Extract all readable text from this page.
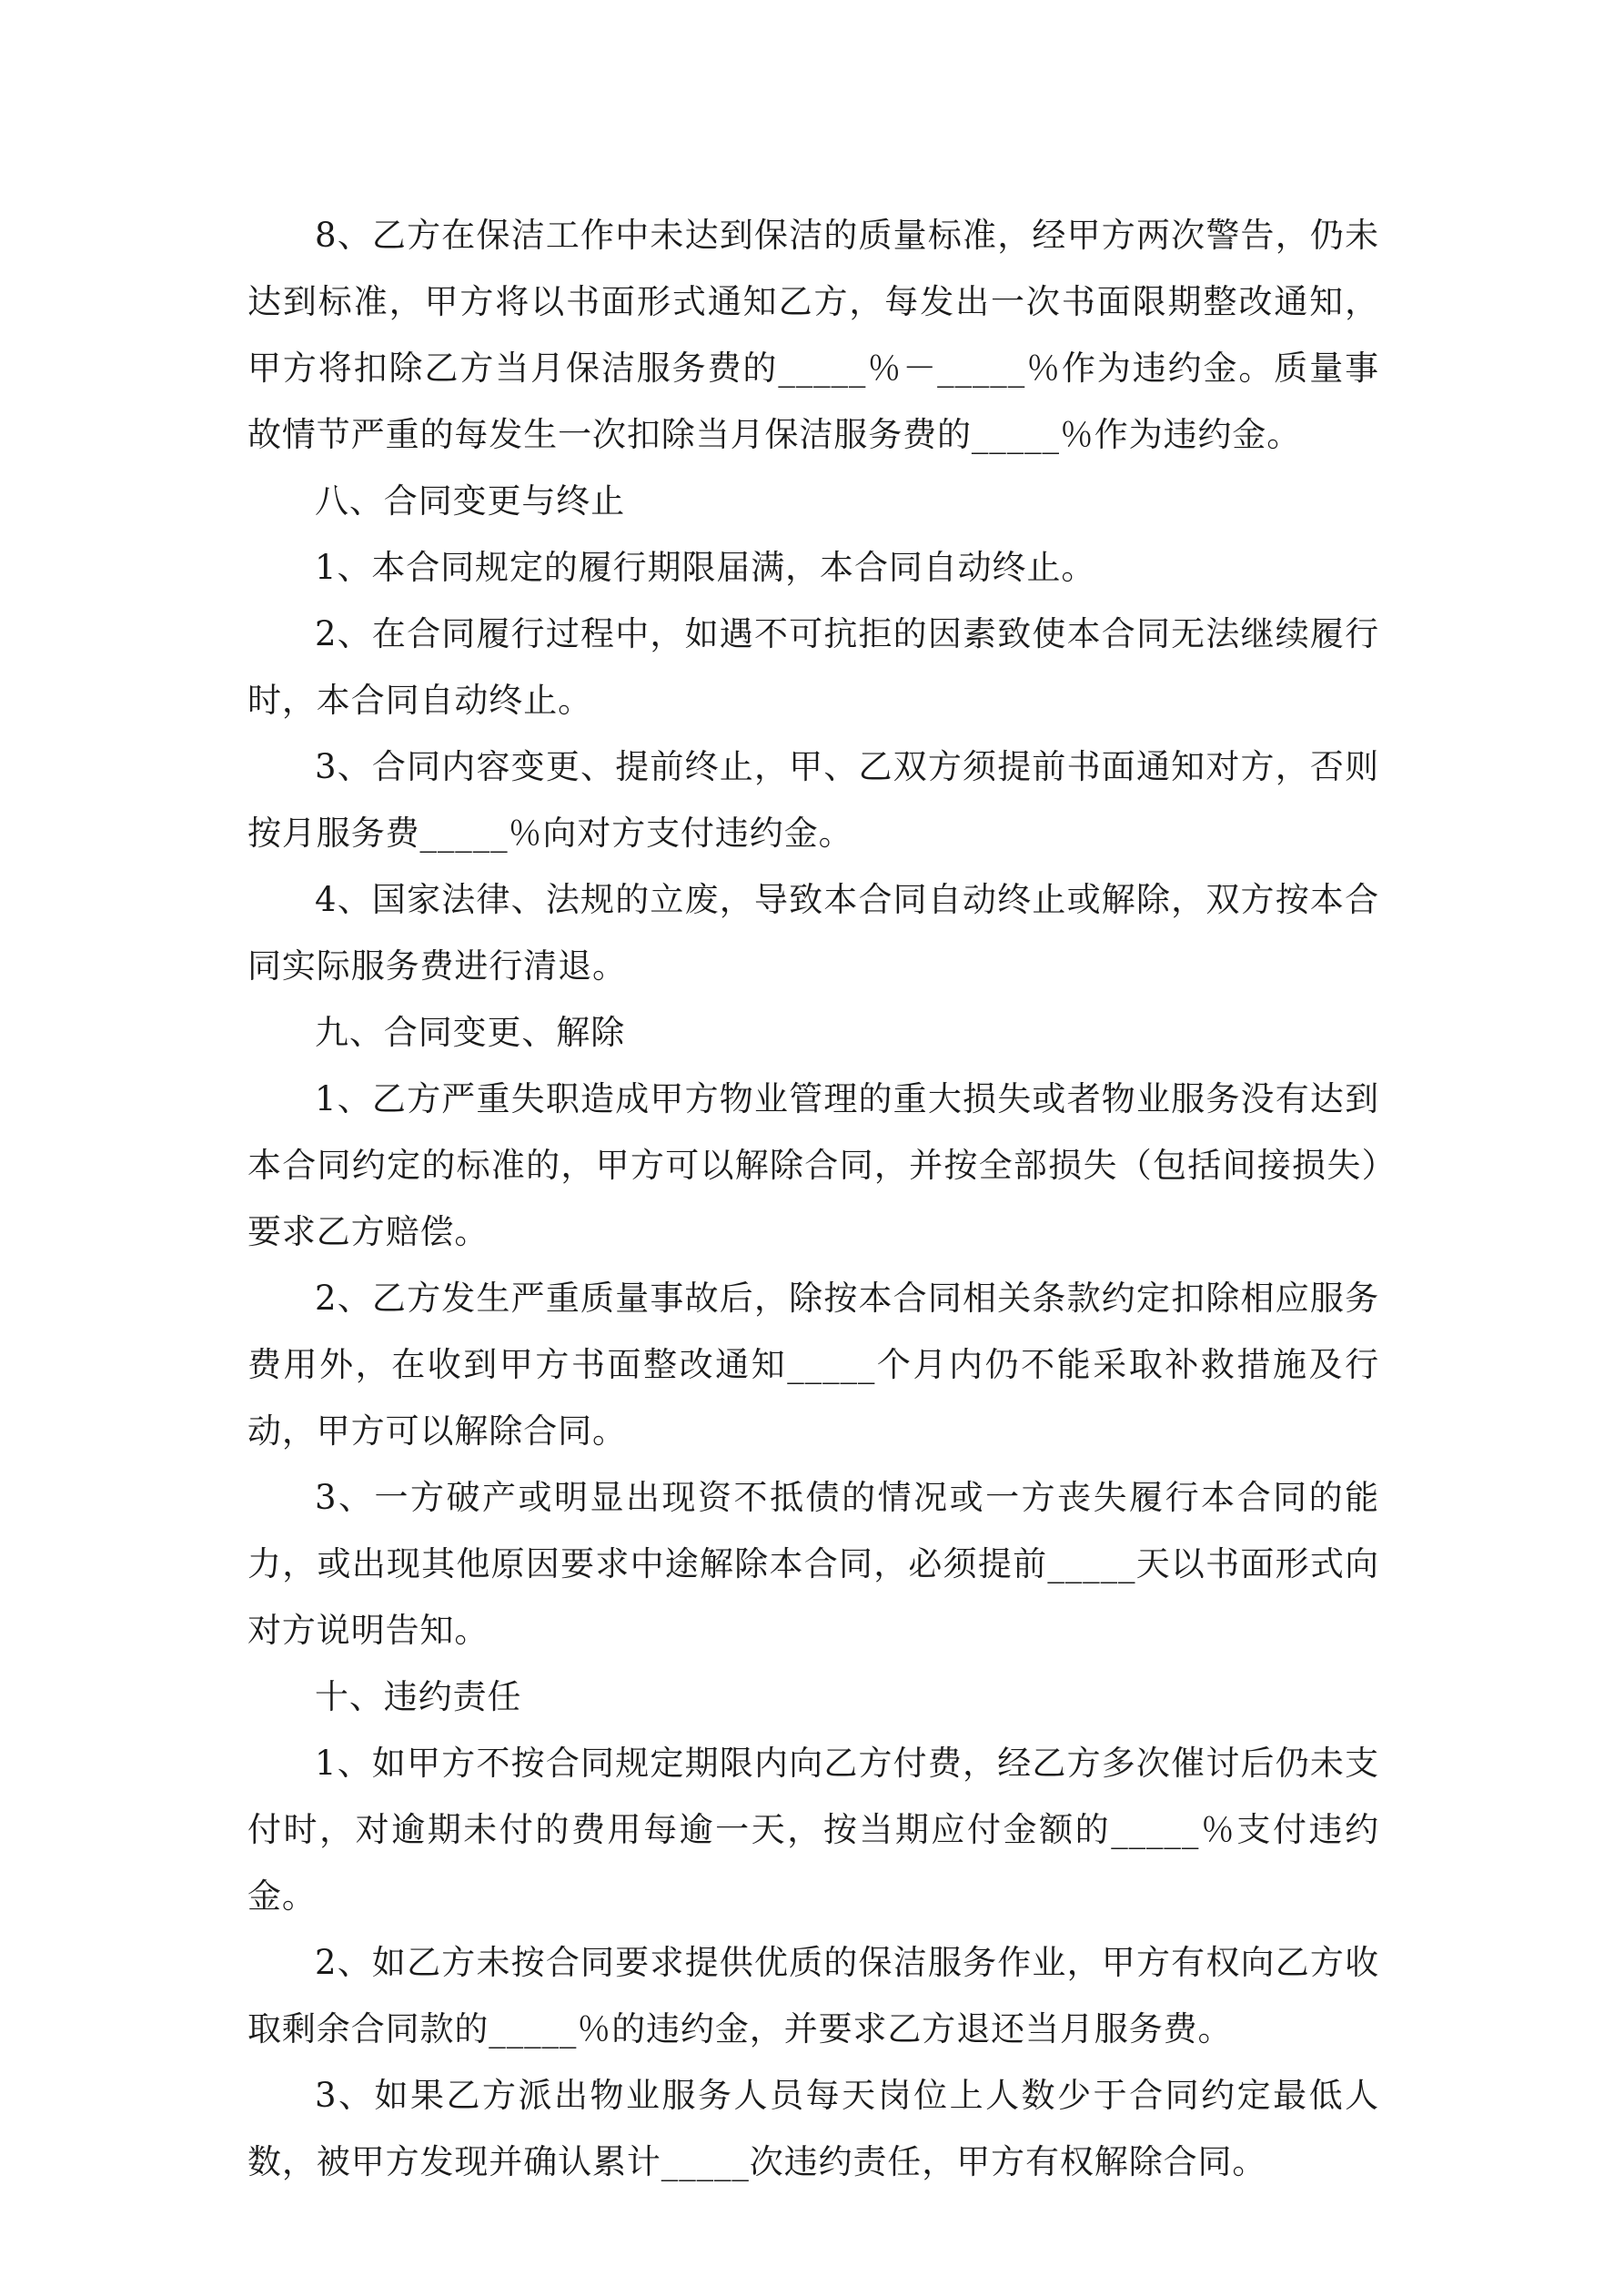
8、乙方在保洁工作中未达到保洁的质量标准，经甲方两次警告，仍未达到标准，甲方将以书面形式通知乙方，每发出一次书面限期整改通知，甲方将扣除乙方当月保洁服务费的_____％－_____％作为违约金。质量事故情节严重的每发生一次扣除当月保洁服务费的_____％作为违约金。

八、合同变更与终止

1、本合同规定的履行期限届满，本合同自动终止。

2、在合同履行过程中，如遇不可抗拒的因素致使本合同无法继续履行时，本合同自动终止。

3、合同内容变更、提前终止，甲、乙双方须提前书面通知对方，否则按月服务费_____％向对方支付违约金。

4、国家法律、法规的立废，导致本合同自动终止或解除，双方按本合同实际服务费进行清退。

九、合同变更、解除

1、乙方严重失职造成甲方物业管理的重大损失或者物业服务没有达到本合同约定的标准的，甲方可以解除合同，并按全部损失（包括间接损失）要求乙方赔偿。

2、乙方发生严重质量事故后，除按本合同相关条款约定扣除相应服务费用外，在收到甲方书面整改通知_____个月内仍不能采取补救措施及行动，甲方可以解除合同。

3、一方破产或明显出现资不抵债的情况或一方丧失履行本合同的能力，或出现其他原因要求中途解除本合同，必须提前_____天以书面形式向对方说明告知。

十、违约责任

1、如甲方不按合同规定期限内向乙方付费，经乙方多次催讨后仍未支付时，对逾期未付的费用每逾一天，按当期应付金额的_____％支付违约金。

2、如乙方未按合同要求提供优质的保洁服务作业，甲方有权向乙方收取剩余合同款的_____％的违约金，并要求乙方退还当月服务费。

3、如果乙方派出物业服务人员每天岗位上人数少于合同约定最低人数，被甲方发现并确认累计_____次违约责任，甲方有权解除合同。
